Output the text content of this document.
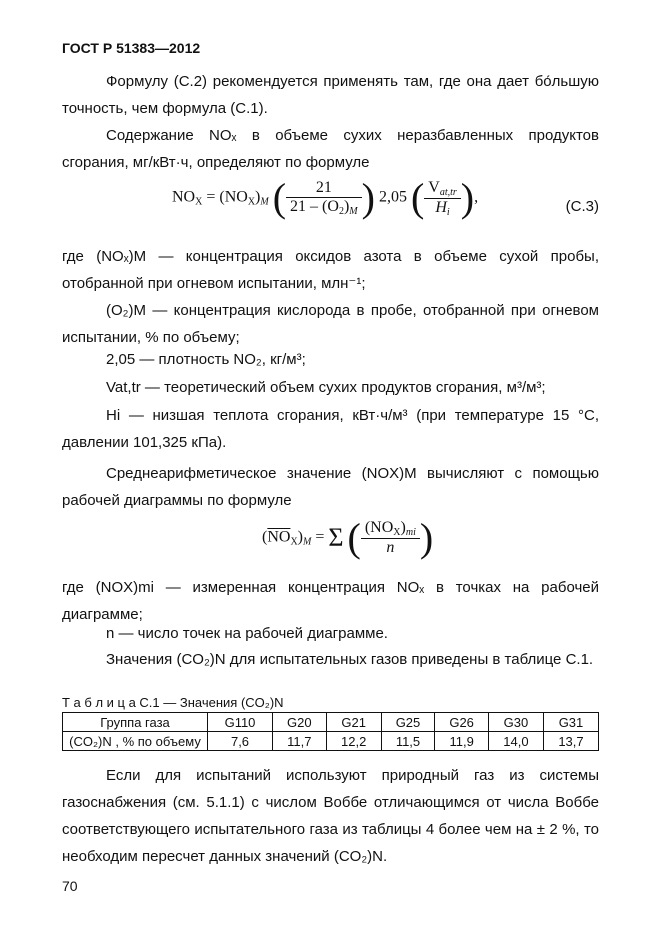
ГОСТ Р 51383—2012
Формулу (С.2) рекомендуется применять там, где она дает бо́льшую точность, чем формула (С.1).
Содержание NOₓ в объеме сухих неразбавленных продуктов сгорания, мг/кВт·ч, определяют по формуле
NOX = $(NOX)_M$ ( $\frac{21}{21 - (O2)_M}$ ) 2,05 ( $\frac{V_{at,tr}}{H_i}$ ),
(С.3)
где (NOₓ)M — концентрация оксидов азота в объеме сухой пробы, отобранной при огневом испытании, млн⁻¹;
(O₂)M — концентрация кислорода в пробе, отобранной при огневом испытании, % по объему;
2,05 — плотность NO₂, кг/м³;
Vat,tr — теоретический объем сухих продуктов сгорания, м³/м³;
Hi — низшая теплота сгорания, кВт·ч/м³ (при температуре 15 °С, давлении 101,325 кПа).
Среднеарифметическое значение (NOX)M вычисляют с помощью рабочей диаграммы по формуле
$(\overline{NO}X)_M = \Sigma$ ( $\frac{(NOX)_{mi}}{n}$ )
где (NOX)mi — измеренная концентрация NOₓ в точках на рабочей диаграмме;
n — число точек на рабочей диаграмме.
Значения (CO₂)N для испытательных газов приведены в таблице С.1.
Т а б л и ц а С.1 — Значения (CO₂)N
Группа газа	G110	G20	G21	G25	G26	G30	G31
(CO₂)N , % по объему	7,6	11,7	12,2	11,5	11,9	14,0	13,7
Если для испытаний используют природный газ из системы газоснабжения (см. 5.1.1) с числом Воббе отличающимся от числа Воббе соответствующего испытательного газа из таблицы 4 более чем на ± 2 %, то необходим пересчет данных значений (CO₂)N.
70
